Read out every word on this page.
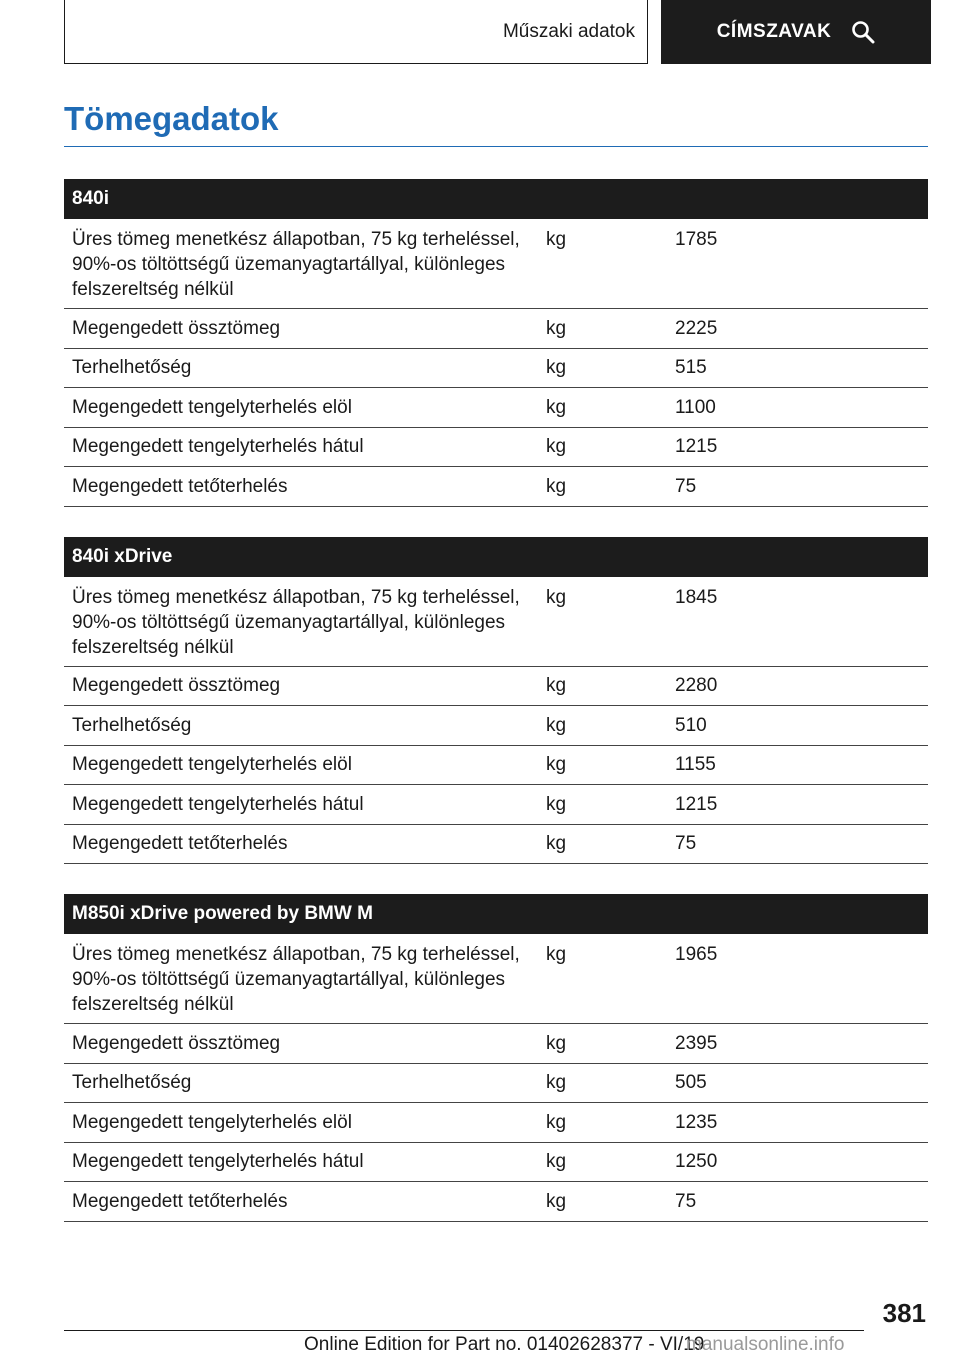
Műszaki adatok	CÍMSZAVAK
Tömegadatok
840i
Üres tömeg menetkész állapotban, 75 kg terheléssel, 90%-os töltöttségű üzemanyagtartállyal, különleges felszereltség nélkül
kg	1785
Megengedett össztömeg	kg	2225
Terhelhetőség	kg	515
Megengedett tengelyterhelés elöl	kg	1100
Megengedett tengelyterhelés hátul	kg	1215
Megengedett tetőterhelés	kg	75
840i xDrive
Üres tömeg menetkész állapotban, 75 kg terheléssel, 90%-os töltöttségű üzemanyagtartállyal, különleges felszereltség nélkül
kg	1845
Megengedett össztömeg	kg	2280
Terhelhetőség	kg	510
Megengedett tengelyterhelés elöl	kg	1155
Megengedett tengelyterhelés hátul	kg	1215
Megengedett tetőterhelés	kg	75
M850i xDrive powered by BMW M
Üres tömeg menetkész állapotban, 75 kg terheléssel, 90%-os töltöttségű üzemanyagtartállyal, különleges felszereltség nélkül
kg	1965
Megengedett össztömeg	kg	2395
Terhelhetőség	kg	505
Megengedett tengelyterhelés elöl	kg	1235
Megengedett tengelyterhelés hátul	kg	1250
Megengedett tetőterhelés	kg	75
381
Online Edition for Part no. 01402628377 - VI/19
manualsonline.info
